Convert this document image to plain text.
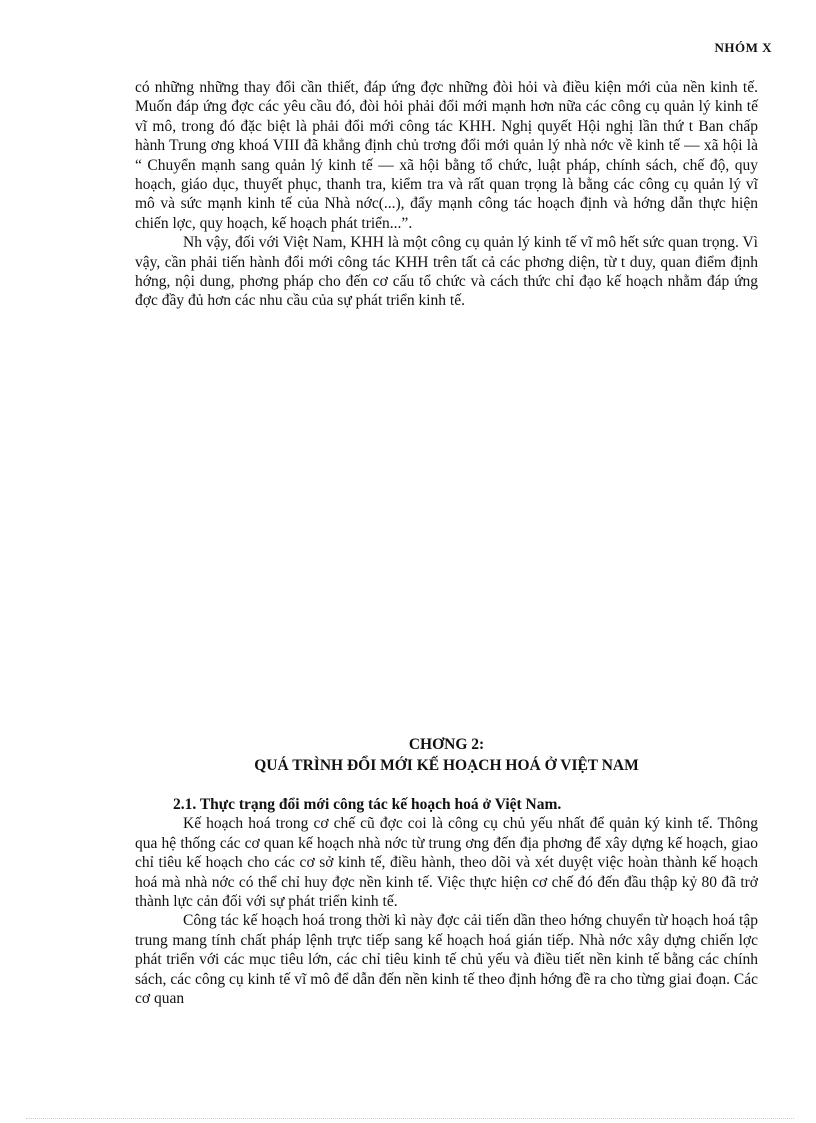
NHÓM X

có những những thay đổi cần thiết, đáp ứng đợc những đòi hỏi và điều kiện mới của nền kinh tế. Muốn đáp ứng đợc các yêu cầu đó, đòi hỏi phải đổi mới mạnh hơn nữa các công cụ quản lý kinh tế vĩ mô, trong đó đặc biệt là phải đổi mới công tác KHH. Nghị quyết Hội nghị lần thứ t Ban chấp hành Trung ơng khoá VIII đã khẳng định chủ trơng đổi mới quản lý nhà nớc về kinh tế — xã hội là “ Chuyển mạnh sang quản lý kinh tế — xã hội bằng tổ chức, luật pháp, chính sách, chế độ, quy hoạch, giáo dục, thuyết phục, thanh tra, kiểm tra và rất quan trọng là bằng các công cụ quản lý vĩ mô và sức mạnh kinh tế của Nhà nớc(...), đẩy mạnh công tác hoạch định và hớng dẫn thực hiện chiến lợc, quy hoạch, kế hoạch phát triển...”.

Nh vậy, đối với Việt Nam, KHH là một công cụ quản lý kinh tế vĩ mô hết sức quan trọng. Vì vậy, cần phải tiến hành đổi mới công tác KHH trên tất cả các phơng diện, từ t duy, quan điểm định hớng, nội dung, phơng pháp cho đến cơ cấu tổ chức và cách thức chỉ đạo kế hoạch nhằm đáp ứng đợc đầy đủ hơn các nhu cầu của sự phát triển kinh tế.

CHƠNG 2:
QUÁ TRÌNH ĐỔI MỚI KẾ HOẠCH HOÁ Ở VIỆT NAM

2.1. Thực trạng đổi mới công tác kế hoạch hoá ở Việt Nam.

Kế hoạch hoá trong cơ chế cũ đợc coi là công cụ chủ yếu nhất để quản ký kinh tế. Thông qua hệ thống các cơ quan kế hoạch nhà nớc từ trung ơng đến địa phơng để xây dựng kế hoạch, giao chỉ tiêu kế hoạch cho các cơ sở kinh tế, điều hành, theo dõi và xét duyệt việc hoàn thành kế hoạch hoá mà nhà nớc có thể chỉ huy đợc nền kinh tế. Việc thực hiện cơ chế đó đến đầu thập kỷ 80 đã trở thành lực cản đối với sự phát triển kinh tế.

Công tác kế hoạch hoá trong thời kì này đợc cải tiến dần theo hớng chuyển từ hoạch hoá tập trung mang tính chất pháp lệnh trực tiếp sang kế hoạch hoá gián tiếp. Nhà nớc xây dựng chiến lợc phát triển với các mục tiêu lớn, các chỉ tiêu kinh tế chủ yếu và điều tiết nền kinh tế bằng các chính sách, các công cụ kinh tế vĩ mô để dẫn đến nền kinh tế theo định hớng đề ra cho từng giai đoạn. Các cơ quan
